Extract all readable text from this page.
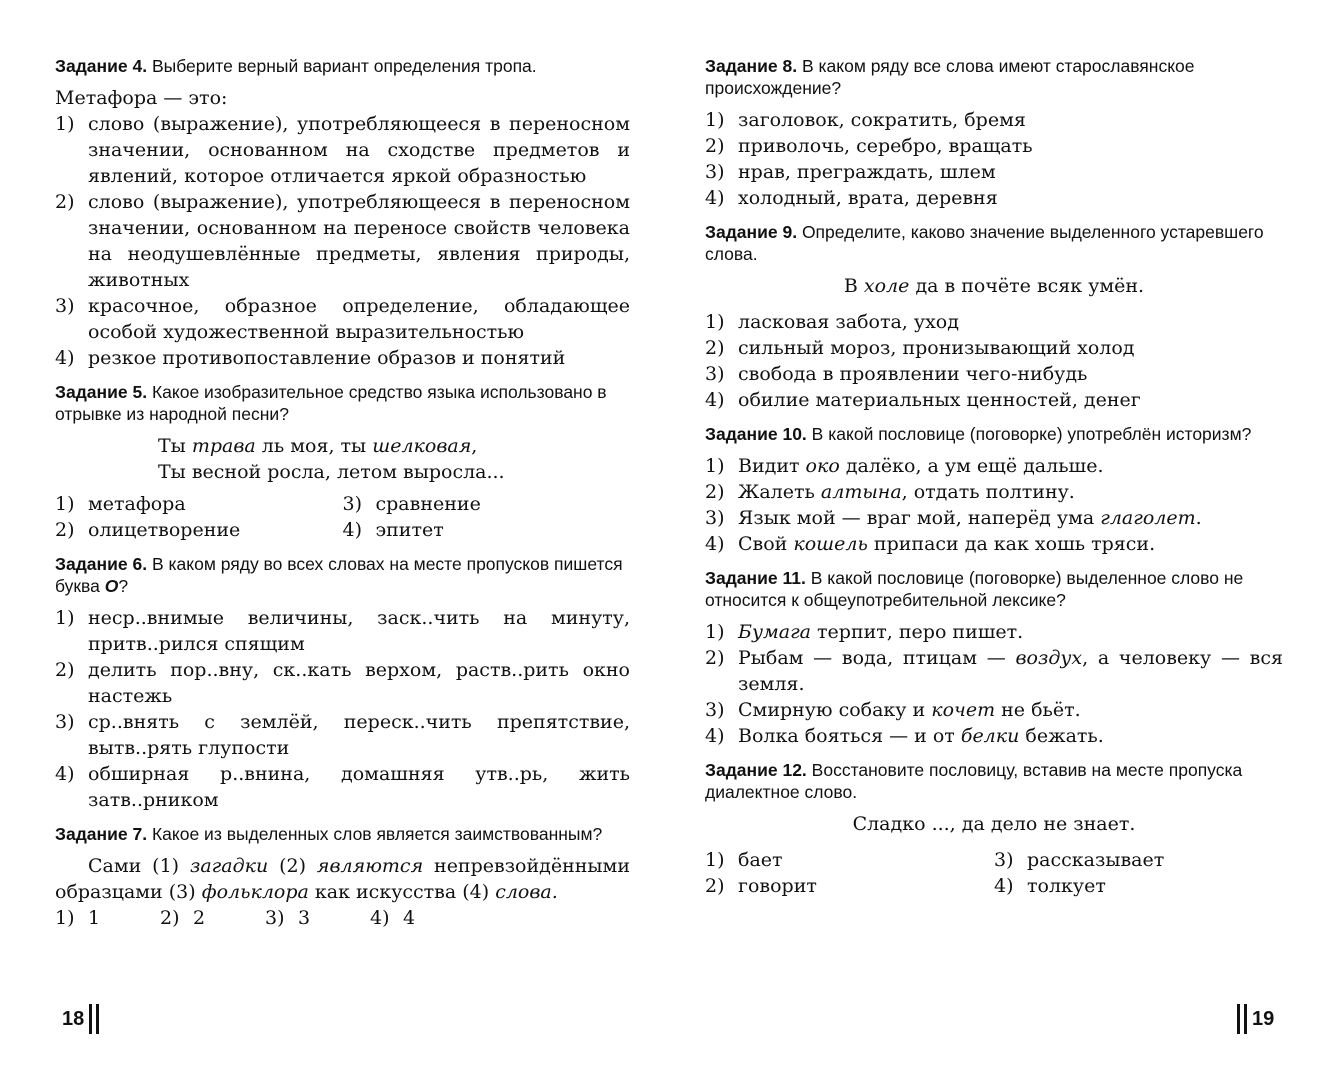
Задание 4. Выберите верный вариант определения тропа.
Метафора — это:
1) слово (выражение), употребляющееся в переносном значении, основанном на сходстве предметов и явлений, которое отличается яркой образностью
2) слово (выражение), употребляющееся в переносном значении, основанном на переносе свойств человека на неодушевлённые предметы, явления природы, животных
3) красочное, образное определение, обладающее особой художественной выразительностью
4) резкое противопоставление образов и понятий
Задание 5. Какое изобразительное средство языка использовано в отрывке из народной песни?
Ты трава ль моя, ты шелковая,
Ты весной росла, летом выросла...
1) метафора	3) сравнение
2) олицетворение	4) эпитет
Задание 6. В каком ряду во всех словах на месте пропусков пишется буква О?
1) неср..внимые величины, заск..чить на минуту, притв..рился спящим
2) делить пор..вну, ск..кать верхом, раств..рить окно настежь
3) ср..внять с землёй, переск..чить препятствие, вытв..рять глупости
4) обширная р..внина, домашняя утв..рь, жить затв..рником
Задание 7. Какое из выделенных слов является заимствованным?
Сами (1) загадки (2) являются непревзойдёнными образцами (3) фольклора как искусства (4) слова.
1) 1	2) 2	3) 3	4) 4
18
Задание 8. В каком ряду все слова имеют старославянское происхождение?
1) заголовок, сократить, бремя
2) приволочь, серебро, вращать
3) нрав, преграждать, шлем
4) холодный, врата, деревня
Задание 9. Определите, каково значение выделенного устаревшего слова.
В холе да в почёте всяк умён.
1) ласковая забота, уход
2) сильный мороз, пронизывающий холод
3) свобода в проявлении чего-нибудь
4) обилие материальных ценностей, денег
Задание 10. В какой пословице (поговорке) употреблён историзм?
1) Видит око далёко, а ум ещё дальше.
2) Жалеть алтына, отдать полтину.
3) Язык мой — враг мой, наперёд ума глаголет.
4) Свой кошель припаси да как хошь тряси.
Задание 11. В какой пословице (поговорке) выделенное слово не относится к общеупотребительной лексике?
1) Бумага терпит, перо пишет.
2) Рыбам — вода, птицам — воздух, а человеку — вся земля.
3) Смирную собаку и кочет не бьёт.
4) Волка бояться — и от белки бежать.
Задание 12. Восстановите пословицу, вставив на месте пропуска диалектное слово.
Сладко ..., да дело не знает.
1) бает	3) рассказывает
2) говорит	4) толкует
19
